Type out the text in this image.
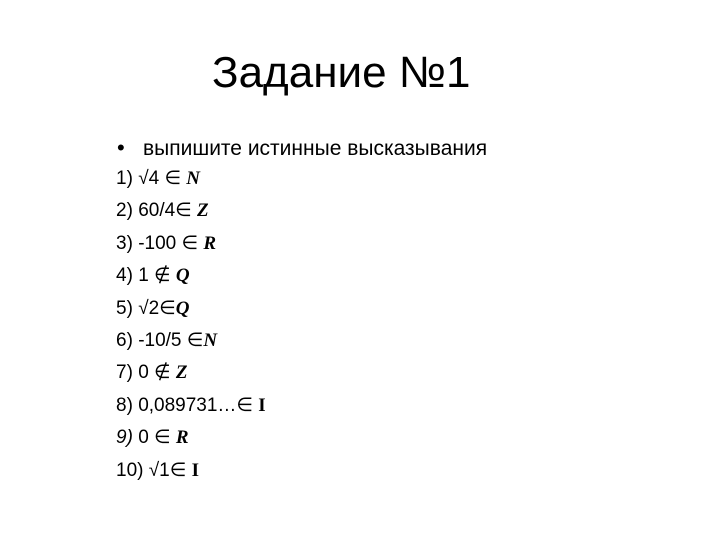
Задание №1
• выпишите истинные высказывания
1) √4 ∈ N
2) 60/4∈ Z
3) -100 ∈ R
4) 1 ∉ Q
5) √2∈Q
6) -10/5 ∈N
7) 0 ∉ Z
8) 0,089731…∈ I
9) 0 ∈ R
10) √1∈ I
